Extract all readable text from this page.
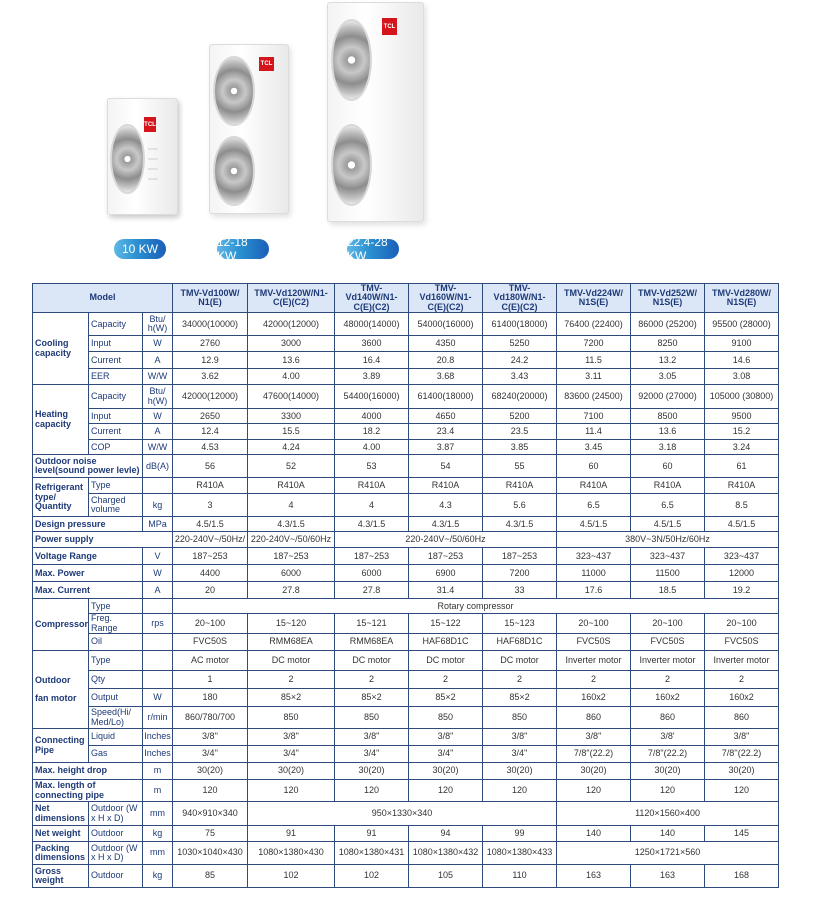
TCL
TCL
TCL
10 KW	12-18 KW
22.4-28 KW
Model			TMV-Vd100W/ N1(E)	TMV-Vd120W/N1- C(E)(C2)	TMV-Vd140W/N1- C(E)(C2)	TMV-Vd160W/N1- C(E)(C2)	TMV-Vd180W/N1- C(E)(C2)	TMV-Vd224W/ N1S(E)	TMV-Vd252W/ N1S(E)	TMV-Vd280W/ N1S(E)
Cooling capacity	Capacity	Btu/ h(W)	34000(10000)	42000(12000)	48000(14000)	54000(16000)	61400(18000)	76400 (22400)	86000 (25200)	95500 (28000)
	Input	W	2760	3000	3600	4350	5250	7200	8250	9100
	Current	A	12.9	13.6	16.4	20.8	24.2	11.5	13.2	14.6
	EER	W/W	3.62	4.00	3.89	3.68	3.43	3.11	3.05	3.08
Heating capacity	Capacity	Btu/ h(W)	42000(12000)	47600(14000)	54400(16000)	61400(18000)	68240(20000)	83600 (24500)	92000 (27000)	105000 (30800)
	Input	W	2650	3300	4000	4650	5200	7100	8500	9500
	Current	A	12.4	15.5	18.2	23.4	23.5	11.4	13.6	15.2
	COP	W/W	4.53	4.24	4.00	3.87	3.85	3.45	3.18	3.24
Outdoor noise level(sound power levle)		dB(A)	56	52	53	54	55	60	60	61
Refrigerant type/ Quantity	Type		R410A	R410A	R410A	R410A	R410A	R410A	R410A	R410A
	Charged volume	kg	3	4	4	4.3	5.6	6.5	6.5	8.5
Design pressure		MPa	4.5/1.5	4.3/1.5	4.3/1.5	4.3/1.5	4.3/1.5	4.5/1.5	4.5/1.5	4.5/1.5
Power supply			220-240V~/50Hz/	220-240V~/50/60Hz	220-240V~/50/60Hz			380V~3N/50Hz/60Hz		
Voltage Range		V	187~253	187~253	187~253	187~253	187~253	323~437	323~437	323~437
Max. Power		W	4400	6000	6000	6900	7200	11000	11500	12000
Max. Current		A	20	27.8	27.8	31.4	33	17.6	18.5	19.2
Compressor	Type		Rotary compressor							
	Freg. Range	rps	20~100	15~120	15~121	15~122	15~123	20~100	20~100	20~100
	Oil		FVC50S	RMM68EA	RMM68EA	HAF68D1C	HAF68D1C	FVC50S	FVC50S	FVC50S
Outdoor

fan motor	Type		AC motor	DC motor	DC motor	DC motor	DC motor	Inverter motor	Inverter motor	Inverter motor
	Qty		1	2	2	2	2	2	2	2
	Output	W	180	85×2	85×2	85×2	85×2	160x2	160x2	160x2
	Speed(Hi/ Med/Lo)	r/min	860/780/700	850	850	850	850	860	860	860
Connecting Pipe	Liquid	Inches	3/8''	3/8"	3/8"	3/8"	3/8"	3/8''	3/8'	3/8"
	Gas	Inches	3/4''	3/4"	3/4"	3/4"	3/4''	7/8"(22.2)	7/8"(22.2)	7/8''(22.2)
Max. height drop		m	30(20)	30(20)	30(20)	30(20)	30(20)	30(20)	30(20)	30(20)
Max. length of connecting pipe		m	120	120	120	120	120	120	120	120
Net dimensions	Outdoor (W x H x D)	mm	940×910×340	950×1330×340				1120×1560×400		
Net weight	Outdoor	kg	75	91	91	94	99	140	140	145
Packing dimensions	Outdoor (W x H x D)	mm	1030×1040×430	1080×1380×430	1080×1380×431	1080×1380×432	1080×1380×433	1250×1721×560		
Gross weight	Outdoor	kg	85	102	102	105	110	163	163	168
